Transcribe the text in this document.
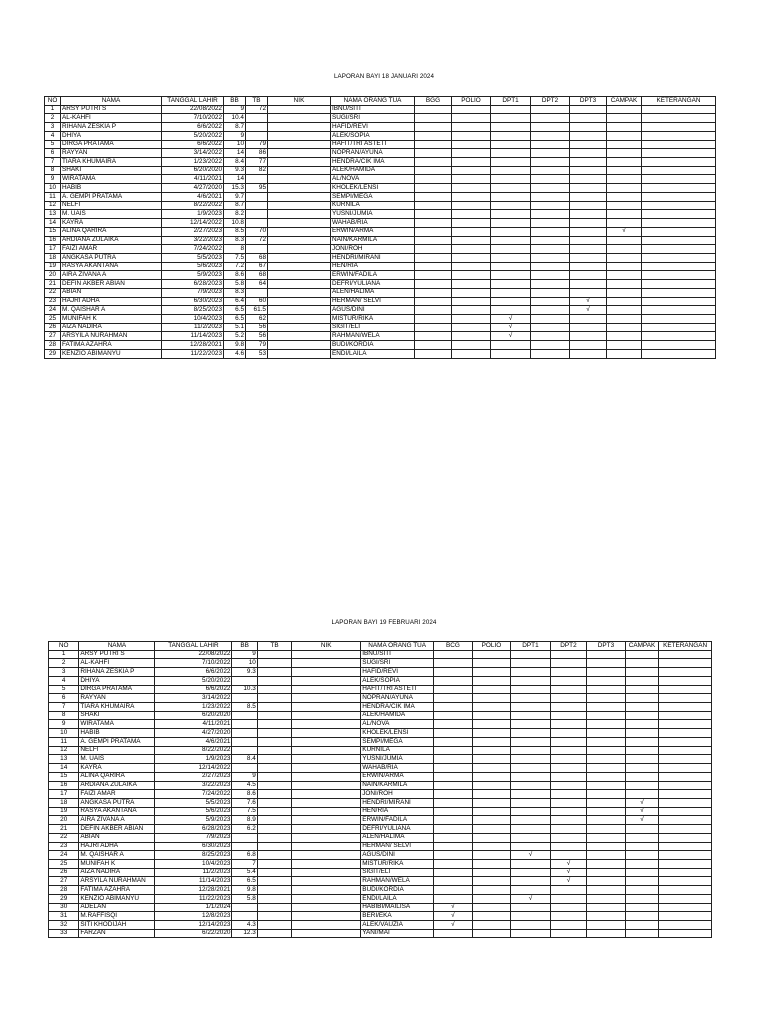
LAPORAN BAYI 18 JANUARI 2024
NO	NAMA	TANGGAL LAHIR	BB	TB	NIK	NAMA ORANG TUA	BGG	POLIO	DPT1	DPT2	DPT3	CAMPAK	KETERANGAN
1	ARSY PUTRI S	22/08/2022	9	72		IBNU/SITI							
2	AL-KAHFI	7/10/2022	10.4			SUGI/SRI							
3	RIHANA ZESKIA P	6/6/2022	8.7			HAFID/REVI							
4	DHIYA	5/20/2022	9			ALEK/SOPIA							
5	DIRGA PRATAMA	6/6/2022	10	79		HAFIT/TRI ASTETI							
6	RAYYAN	3/14/2022	14	86		NOPRAN/AYUNA							
7	TIARA KHUMAIRA	1/23/2022	8.4	77		HENDRA/CIK IMA							
8	SHAKI	6/20/2020	9.3	82		ALEK/HAMIDA							
9	WIRATAMA	4/11/2021	14			AL/NOVA							
10	HABIB	4/27/2020	15.3	95		KHOLEK/LENSI							
11	A. GEMPI PRATAMA	4/6/2021	9.7			SEMPI/MEGA							
12	NELFI	8/22/2022	8.7			KURNILA							
13	M. UAIS	1/9/2023	8.2			YUSNI/JUMIA							
14	KAYRA	12/14/2022	10.8			WAHAB/RIA							
15	ALINA QARIRA	2/27/2023	8.5	70		ERWIN/ARMA						√	
16	ARDIANA ZULAIKA	3/22/2023	8.3	72		NAIN/KARMILA							
17	FAIZI AMAR	7/24/2022	8			JONI/ROH							
18	ANGKASA PUTRA	5/5/2023	7.5	68		HENDRI/MIRANI							
19	RASYA AKANTANA	5/6/2023	7.2	67		HEN/RIA							
20	AIRA ZIVANA A	5/9/2023	8.6	68		ERWIN/FADILA							
21	DEFIN AKBER ABIAN	6/28/2023	5.8	64		DEFRI/YULIANA							
22	ABIAN	7/9/2023	8.3			ALEN/HALIMA							
23	HAJRI ADHA	6/30/2023	6.4	60		HERMAN/ SELVI					√		
24	M. QAISHAR A	8/25/2023	6.5	61.5		AGUS/DINI					√		
25	MUNIFAH K	10/4/2023	6.5	62		MISTUR/RIKA			√				
26	AIZA NADIRA	11/2/2023	5.1	56		SIGIT/ELI			√				
27	ARSYILA NURAHMAN	11/14/2023	5.2	56		RAHMAN/WELA			√				
28	FATIMA AZAHRA	12/28/2021	9.8	79		BUDI/KORDIA							
29	KENZIO ABIMANYU	11/22/2023	4.6	53		ENDI/LAILA							
LAPORAN BAYI 19 FEBRUARI 2024
NO	NAMA	TANGGAL LAHIR	BB	TB	NIK	NAMA ORANG TUA	BCG	POLIO	DPT1	DPT2	DPT3	CAMPAK	KETERANGAN
1	ARSY PUTRI S	22/08/2022	9			IBNU/SITI							
2	AL-KAHFI	7/10/2022	10			SUGI/SRI							
3	RIHANA ZESKIA P	6/6/2022	9.3			HAFID/REVI							
4	DHIYA	5/20/2022				ALEK/SOPIA							
5	DIRGA PRATAMA	6/6/2022	10.3			HAFIT/TRI ASTETI							
6	RAYYAN	3/14/2022				NOPRAN/AYUNA							
7	TIARA KHUMAIRA	1/23/2022	8.5			HENDRA/CIK IMA							
8	SHAKI	6/20/2020				ALEK/HAMIDA							
9	WIRATAMA	4/11/2021				AL/NOVA							
10	HABIB	4/27/2020				KHOLEK/LENSI							
11	A. GEMPI PRATAMA	4/6/2021				SEMPI/MEGA							
12	NELFI	8/22/2022				KURNILA							
13	M. UAIS	1/9/2023	8.4			YUSNI/JUMIA							
14	KAYRA	12/14/2022				WAHAB/RIA							
15	ALINA QARIRA	2/27/2023	9			ERWIN/ARMA							
16	ARDIANA ZULAIKA	3/22/2023	4.5			NAIN/KARMILA							
17	FAIZI AMAR	7/24/2022	8.6			JONI/ROH							
18	ANGKASA PUTRA	5/5/2023	7.6			HENDRI/MIRANI						√	
19	RASYA AKANTANA	5/6/2023	7.5			HEN/RIA						√	
20	AIRA ZIVANA A	5/9/2023	8.9			ERWIN/FADILA						√	
21	DEFIN AKBER ABIAN	6/28/2023	6.2			DEFRI/YULIANA							
22	ABIAN	7/9/2023				ALEN/HALIMA							
23	HAJRI ADHA	6/30/2023				HERMAN/ SELVI							
24	M. QAISHAR A	8/25/2023	6.8			AGUS/DINI			√				
25	MUNIFAH K	10/4/2023	7			MISTUR/RIKA				√			
26	AIZA NADIRA	11/2/2023	5.4			SIGIT/ELI				√			
27	ARSYILA NURAHMAN	11/14/2023	6.5			RAHMAN/WELA				√			
28	FATIMA AZAHRA	12/28/2021	9.8			BUDI/KORDIA							
29	KENZIO ABIMANYU	11/22/2023	5.8			ENDI/LAILA			√				
30	ADELAN	1/1/2024				HABIBI/MAILISA	√						
31	M.RAFFISQI	12/8/2023				BERI/EKA	√						
32	SITI KHODIJAH	12/14/2023	4.3			ALEK/VAUZIA	√						
33	FARZAN	6/22/2020	12.3			YANI/MAI							
